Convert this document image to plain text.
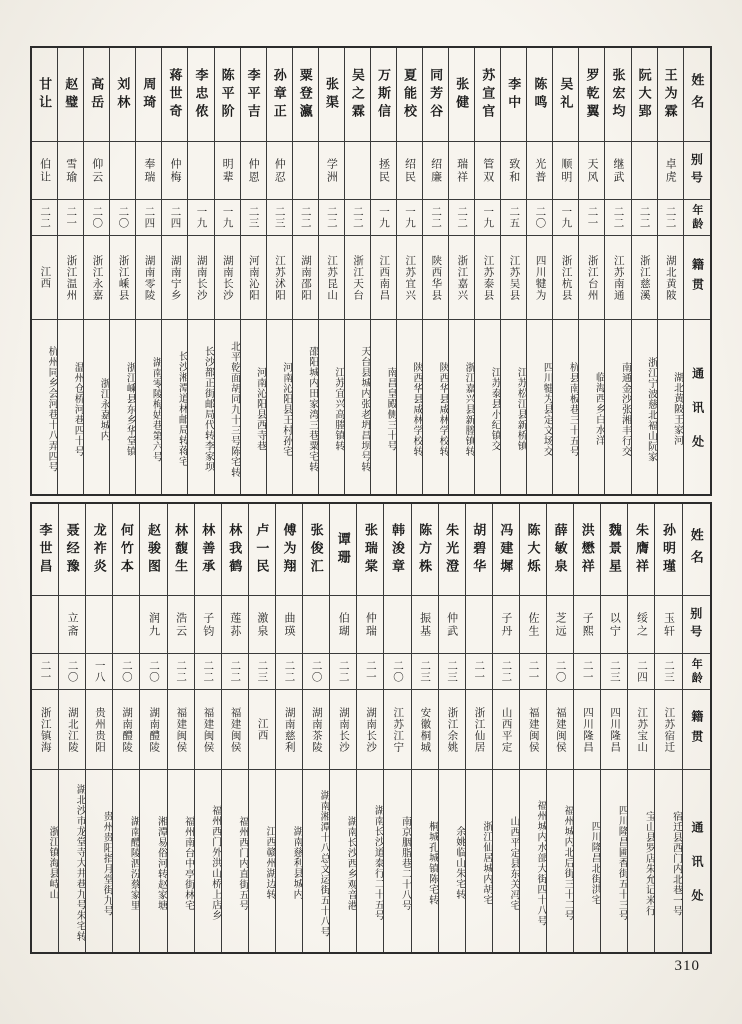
姓名
别号
年龄
籍贯
通讯处
王为霖
卓虎
二二
湖北黄陂
湖北黄陂王家河
阮大郢
二二
浙江慈溪
浙江宁波慈北褔山阮家
张宏均
继武
二二
江苏南通
南通金沙张湘丰行交
罗乾翼
天风
二一
浙江台州
临海西乡白水洋
吴礼
顺明
一九
浙江杭县
杭县南板巷三十五号
陈鸣
光普
二〇
四川犍为
四川犍为县定文场交
李中
致和
二五
江苏吴县
江苏松江县新桥镇
苏宣官
管双
一九
江苏泰县
江苏泰县小纪镇交
张健
瑞祥
二二
浙江嘉兴
浙江嘉兴县新塍镇转
同芳谷
绍廉
二二
陕西华县
陕西华县咸林学校转
夏能校
绍民
一九
江苏宜兴
陕西华县咸林学校转
万斯信
拯民
一九
江西南昌
南昌皇殿侧三十号
吴之霖
二二
浙江天台
天台县城内张老坍昌坝号转
张渠
学洲
二二
江苏昆山
江苏宜兴高塍镇转
粟登瀛
二二
湖南邵阳
邵阳城内田家湾三巷粟宅转
孙章正
仲忍
二三
江苏沭阳
河南沁阳县王村孙宅
李平吉
仲恩
二三
河南沁阳
河南沁阳县西寺巷
陈平阶
明辈
一九
湖南长沙
北平乾面胡同九十三号陈宅转
李忠侬
一九
湖南长沙
长沙都正街邮局代转李家坝
蒋世奇
仲梅
二四
湖南宁乡
长沙湘潭道林邮局转蒋宅
周琦
奉瑞
二四
湖南零陵
湖南零陵梅姑巷第六号
刘林
二〇
浙江嵊县
浙江嵊县东乡华堂镇
高岳
仰云
二〇
浙江永嘉
浙江永嘉城内
赵璧
雪瑜
二一
浙江温州
温州仓桥河巷四十号
甘让
伯让
二二
江西
杭州同乡会河巷十八弄四号
姓名
别号
年龄
籍贯
通讯处
孙明瑾
玉轩
二三
江苏宿迁
宿迁县西门内北巷一号
朱膺祥
绥之
二四
江苏宝山
宝山县罗店朱允记米行
魏景星
以宁
二三
四川隆昌
四川隆昌圃香街五十三号
洪懋祥
子熙
二一
四川隆昌
四川隆昌北街洪宅
薛敏泉
芝远
二〇
福建闽侯
福州城内北后街三十二号
陈大烁
佐生
二一
福建闽侯
福州城内水部大街四十八号
冯建墀
子丹
二二
山西平定
山西平定县东关冯宅
胡碧华
二一
浙江仙居
浙江仙居城内胡宅
朱光澄
仲武
二三
浙江余姚
余姚临山朱宅转
陈方株
振基
二三
安徽桐城
桐城孔城镇陈宅转
韩浚章
二〇
江苏江宁
南京胭脂巷二十八号
张瑞棠
仲瑞
二一
湖南长沙
湖南长沙道泰行二十五号
谭珊
伯瑚
二二
湖南长沙
湖南长沙西乡观音港
张俊汇
二〇
湖南茶陵
湖南湘潭十八总文运街五十八号
傅为翔
曲瑛
二二
湖南慈利
湖南慈利县城内
卢一民
激泉
二三
江西
江西赣州湖边转
林我鹤
莲荪
二二
福建闽侯
福州西门内直街五号
林善承
子钧
二二
福建闽侯
福州西门外洪山桥上店乡
林馥生
浩云
二二
福建闽侯
福州南台中亭街林宅
赵骏图
润九
二〇
湖南醴陵
湘潭易俗河转赵家塘
何竹本
二〇
湖南醴陵
湖南醴陵泗汾蔡家里
龙祚炎
一八
贵州贵阳
贵州贵阳指月堂街九号
聂经豫
立斋
二〇
湖北江陵
湖北沙市龙堂寺大井巷九号朱宅转
李世昌
二一
浙江镇海
浙江镇海县峙山
310
